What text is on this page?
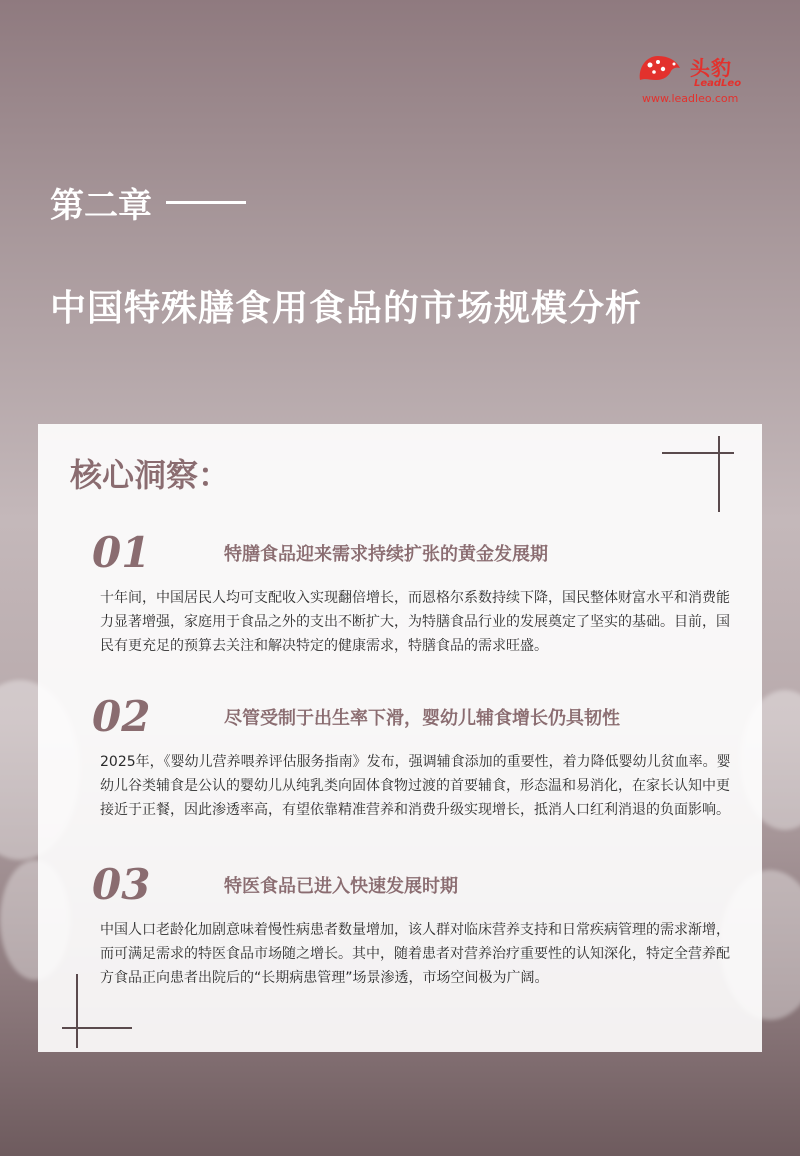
头豹
LeadLeo
www.leadleo.com
第二章
中国特殊膳食用食品的市场规模分析
核心洞察：
01	特膳食品迎来需求持续扩张的黄金发展期
十年间，中国居民人均可支配收入实现翻倍增长，而恩格尔系数持续下降，国民整体财富水平和消费能力显著增强，家庭用于食品之外的支出不断扩大，为特膳食品行业的发展奠定了坚实的基础。目前，国民有更充足的预算去关注和解决特定的健康需求，特膳食品的需求旺盛。
02	尽管受制于出生率下滑，婴幼儿辅食增长仍具韧性
2025年，《婴幼儿营养喂养评估服务指南》发布，强调辅食添加的重要性，着力降低婴幼儿贫血率。婴幼儿谷类辅食是公认的婴幼儿从纯乳类向固体食物过渡的首要辅食，形态温和易消化，在家长认知中更接近于正餐，因此渗透率高，有望依靠精准营养和消费升级实现增长，抵消人口红利消退的负面影响。
03	特医食品已进入快速发展时期
中国人口老龄化加剧意味着慢性病患者数量增加，该人群对临床营养支持和日常疾病管理的需求渐增，而可满足需求的特医食品市场随之增长。其中，随着患者对营养治疗重要性的认知深化，特定全营养配方食品正向患者出院后的“长期病患管理”场景渗透，市场空间极为广阔。
